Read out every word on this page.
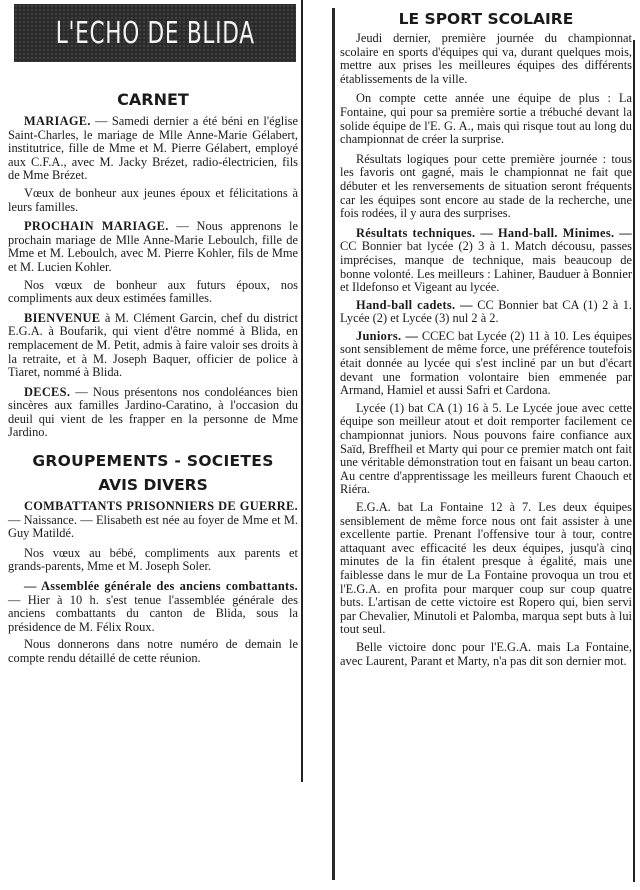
L'ECHO DE BLIDA
CARNET

MARIAGE. — Samedi dernier a été béni en l'église Saint-Charles, le mariage de Mlle Anne-Marie Gélabert, institutrice, fille de Mme et M. Pierre Gélabert, employé aux C.F.A., avec M. Jacky Brézet, radio-électricien, fils de Mme Brézet.

Vœux de bonheur aux jeunes époux et félicitations à leurs familles.

PROCHAIN MARIAGE. — Nous apprenons le prochain mariage de Mlle Anne-Marie Leboulch, fille de Mme et M. Leboulch, avec M. Pierre Kohler, fils de Mme et M. Lucien Kohler.

Nos vœux de bonheur aux futurs époux, nos compliments aux deux estimées familles.

BIENVENUE à M. Clément Garcin, chef du district E.G.A. à Boufarik, qui vient d'être nommé à Blida, en remplacement de M. Petit, admis à faire valoir ses droits à la retraite, et à M. Joseph Baquer, officier de police à Tiaret, nommé à Blida.

DECES. — Nous présentons nos condoléances bien sincères aux familles Jardino-Caratino, à l'occasion du deuil qui vient de les frapper en la personne de Mme Jardino.

GROUPEMENTS - SOCIETES
AVIS DIVERS

COMBATTANTS PRISONNIERS DE GUERRE. — Naissance. — Elisabeth est née au foyer de Mme et M. Guy Matildé.

Nos vœux au bébé, compliments aux parents et grands-parents, Mme et M. Joseph Soler.

— Assemblée générale des anciens combattants. — Hier à 10 h. s'est tenue l'assemblée générale des anciens combattants du canton de Blida, sous la présidence de M. Félix Roux.

Nous donnerons dans notre numéro de demain le compte rendu détaillé de cette réunion.

LE SPORT SCOLAIRE

Jeudi dernier, première journée du championnat scolaire en sports d'équipes qui va, durant quelques mois, mettre aux prises les meilleures équipes des différents établissements de la ville.

On compte cette année une équipe de plus : La Fontaine, qui pour sa première sortie a trébuché devant la solide équipe de l'E. G. A., mais qui risque tout au long du championnat de créer la surprise.

Résultats logiques pour cette première journée : tous les favoris ont gagné, mais le championnat ne fait que débuter et les renversements de situation seront fréquents car les équipes sont encore au stade de la recherche, une fois rodées, il y aura des surprises.

Résultats techniques. — Hand-ball. Minimes. — CC Bonnier bat lycée (2) 3 à 1. Match décousu, passes imprécises, manque de technique, mais beaucoup de bonne volonté. Les meilleurs : Lahiner, Bauduer à Bonnier et Ildefonso et Vigeant au lycée.

Hand-ball cadets. — CC Bonnier bat CA (1) 2 à 1. Lycée (2) et Lycée (3) nul 2 à 2.

Juniors. — CCEC bat Lycée (2) 11 à 10. Les équipes sont sensiblement de même force, une préférence toutefois était donnée au lycée qui s'est incliné par un but d'écart devant une formation volontaire bien emmenée par Armand, Hamiel et aussi Safri et Cardona.

Lycée (1) bat CA (1) 16 à 5. Le Lycée joue avec cette équipe son meilleur atout et doit remporter facilement ce championnat juniors. Nous pouvons faire confiance aux Saïd, Breffheil et Marty qui pour ce premier match ont fait une véritable démonstration tout en faisant un beau carton. Au centre d'apprentissage les meilleurs furent Chaouch et Riéra.

E.G.A. bat La Fontaine 12 à 7. Les deux équipes sensiblement de même force nous ont fait assister à une excellente partie. Prenant l'offensive tour à tour, contre attaquant avec efficacité les deux équipes, jusqu'à cinq minutes de la fin étalent presque à égalité, mais une faiblesse dans le mur de La Fontaine provoqua un trou et l'E.G.A. en profita pour marquer coup sur coup quatre buts. L'artisan de cette victoire est Ropero qui, bien servi par Chevalier, Minutoli et Palomba, marqua sept buts à lui tout seul.

Belle victoire donc pour l'E.G.A. mais La Fontaine, avec Laurent, Parant et Marty, n'a pas dit son dernier mot.
